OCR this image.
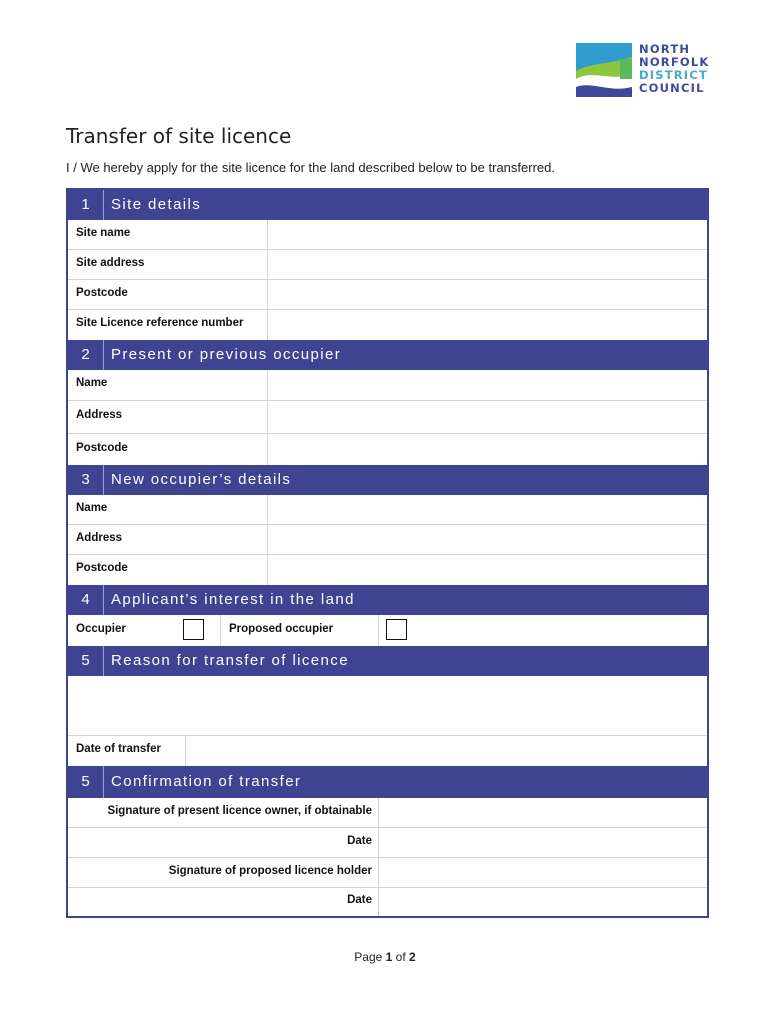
NORTH
NORFOLK
DISTRICT
COUNCIL
Transfer of site licence

I / We hereby apply for the site licence for the land described below to be transferred.

1	Site details
Site name
Site address
Postcode
Site Licence reference number
2	Present or previous occupier
Name
Address
Postcode
3	New occupier’s details
Name
Address
Postcode
4	Applicant’s interest in the land
Occupier	Proposed occupier
5	Reason for transfer of licence
Date of transfer
5	Confirmation of transfer
Signature of present licence owner, if obtainable
Date
Signature of proposed licence holder
Date
Page 1 of 2
